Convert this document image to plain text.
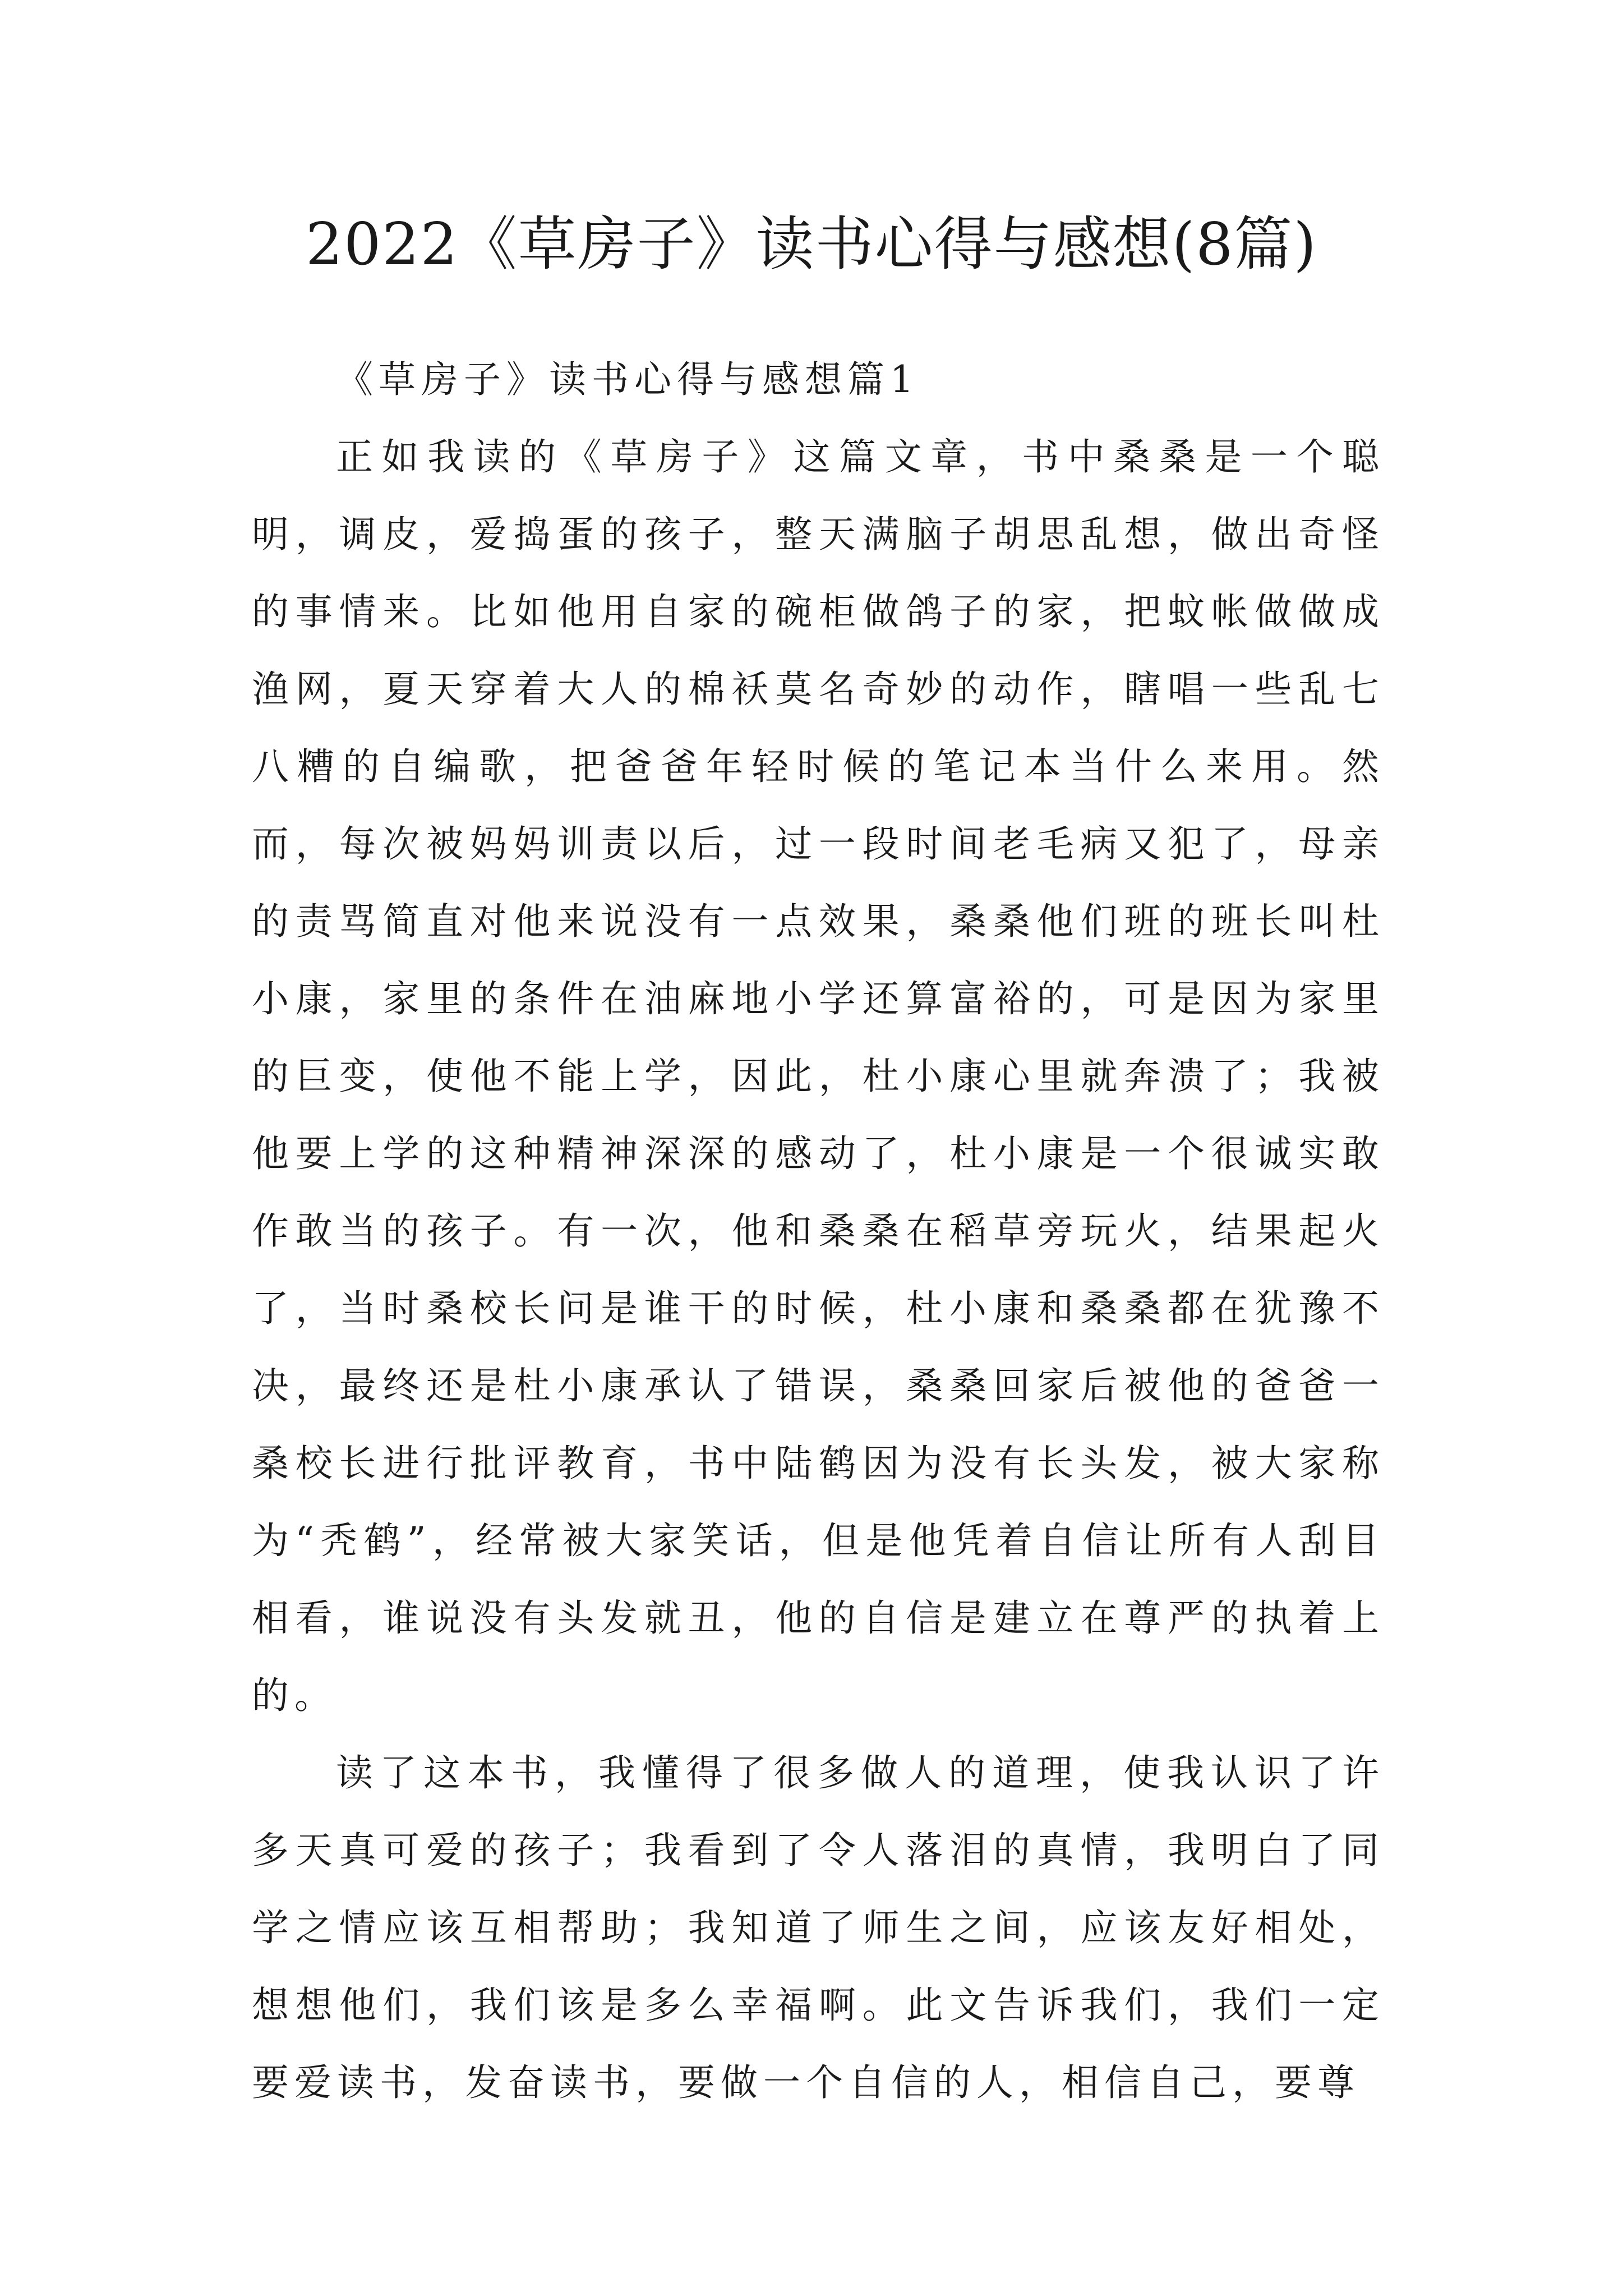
2022《草房子》读书心得与感想(8篇)
《草房子》读书心得与感想篇1

正如我读的《草房子》这篇文章，书中桑桑是一个聪明，调皮，爱捣蛋的孩子，整天满脑子胡思乱想，做出奇怪的事情来。比如他用自家的碗柜做鸽子的家，把蚊帐做做成渔网，夏天穿着大人的棉袄莫名奇妙的动作，瞎唱一些乱七八糟的自编歌，把爸爸年轻时候的笔记本当什么来用。然而，每次被妈妈训责以后，过一段时间老毛病又犯了，母亲的责骂简直对他来说没有一点效果，桑桑他们班的班长叫杜小康，家里的条件在油麻地小学还算富裕的，可是因为家里的巨变，使他不能上学，因此，杜小康心里就奔溃了；我被他要上学的这种精神深深的感动了，杜小康是一个很诚实敢作敢当的孩子。有一次，他和桑桑在稻草旁玩火，结果起火了，当时桑校长问是谁干的时候，杜小康和桑桑都在犹豫不决，最终还是杜小康承认了错误，桑桑回家后被他的爸爸一桑校长进行批评教育，书中陆鹤因为没有长头发，被大家称为“秃鹤”，经常被大家笑话，但是他凭着自信让所有人刮目相看，谁说没有头发就丑，他的自信是建立在尊严的执着上的。

读了这本书，我懂得了很多做人的道理，使我认识了许多天真可爱的孩子；我看到了令人落泪的真情，我明白了同学之情应该互相帮助；我知道了师生之间，应该友好相处，想想他们，我们该是多么幸福啊。此文告诉我们，我们一定要爱读书，发奋读书，要做一个自信的人，相信自己，要尊
